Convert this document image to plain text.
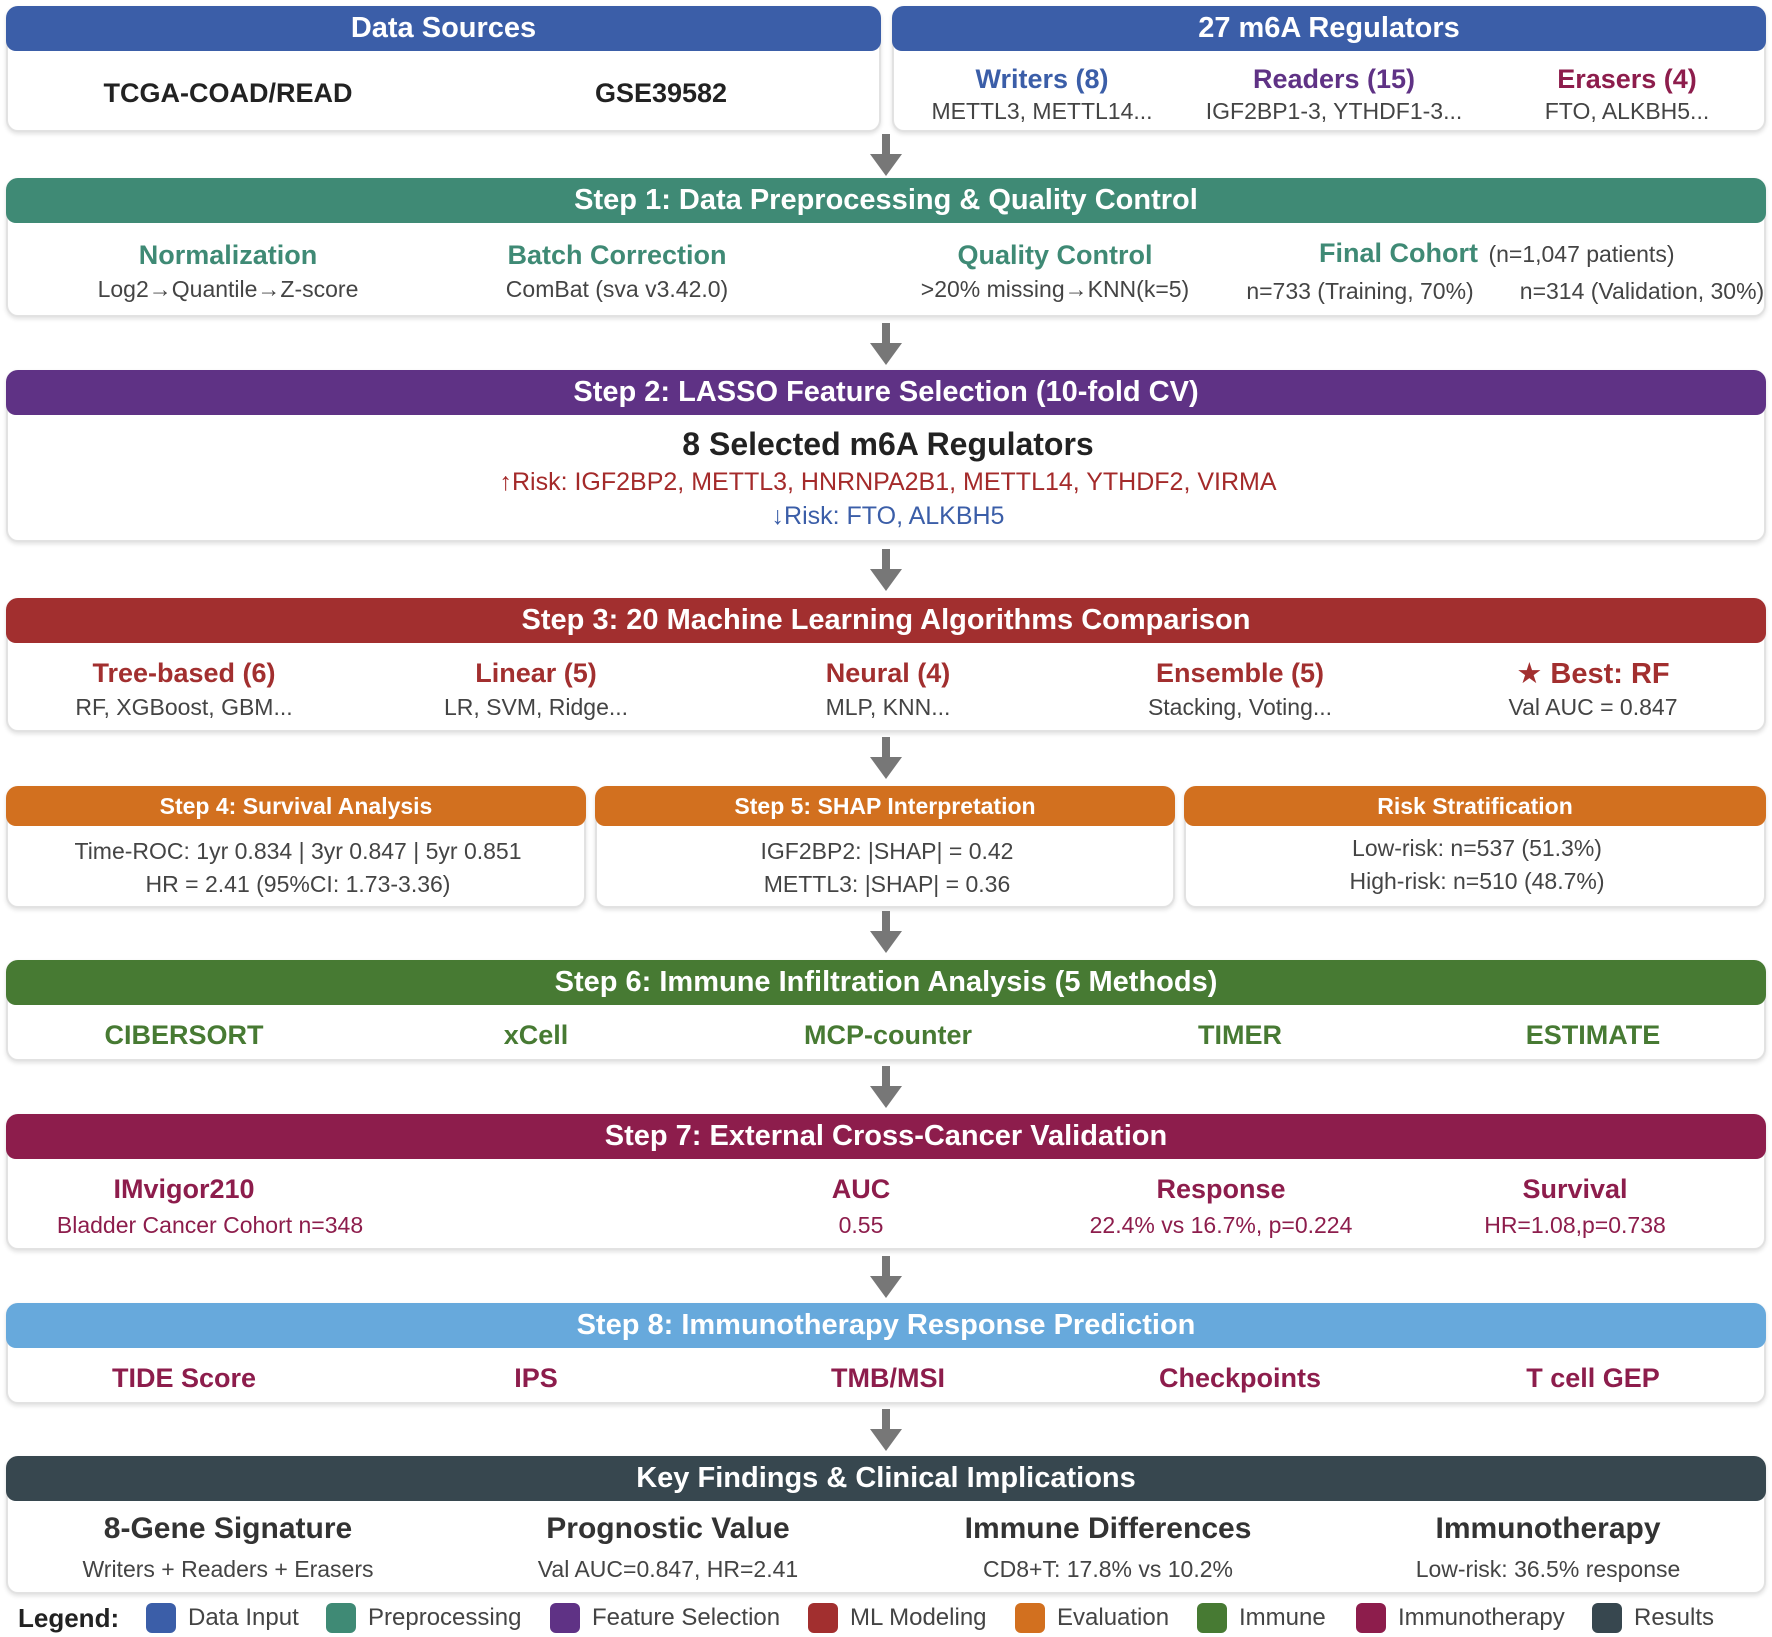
Data Sources
TCGA-COAD/READ	GSE39582
27 m6A Regulators
Writers (8)
METTL3, METTL14...
Readers (15)
IGF2BP1-3, YTHDF1-3...
Erasers (4)
FTO, ALKBH5...
Step 1: Data Preprocessing & Quality Control
Normalization
Log2→Quantile→Z-score
Batch Correction
ComBat (sva v3.42.0)
Quality Control
>20% missing→KNN(k=5)
Final Cohort (n=1,047 patients)
n=733 (Training, 70%) n=314 (Validation, 30%)
Step 2: LASSO Feature Selection (10-fold CV)
8 Selected m6A Regulators
↑Risk: IGF2BP2, METTL3, HNRNPA2B1, METTL14, YTHDF2, VIRMA
↓Risk: FTO, ALKBH5
Step 3: 20 Machine Learning Algorithms Comparison
Tree-based (6)
RF, XGBoost, GBM...
Linear (5)
LR, SVM, Ridge...
Neural (4)
MLP, KNN...
Ensemble (5)
Stacking, Voting...
★ Best: RF
Val AUC = 0.847
Step 4: Survival Analysis
Time-ROC: 1yr 0.834 | 3yr 0.847 | 5yr 0.851
HR = 2.41 (95%CI: 1.73-3.36)
Step 5: SHAP Interpretation
IGF2BP2: |SHAP| = 0.42
METTL3: |SHAP| = 0.36
Risk Stratification
Low-risk: n=537 (51.3%)
High-risk: n=510 (48.7%)
Step 6: Immune Infiltration Analysis (5 Methods)
CIBERSORT	xCell	MCP-counter	TIMER	ESTIMATE
Step 7: External Cross-Cancer Validation
IMvigor210
Bladder Cancer Cohort n=348
AUC
0.55
Response
22.4% vs 16.7%, p=0.224
Survival
HR=1.08,p=0.738
Step 8: Immunotherapy Response Prediction
TIDE Score	IPS	TMB/MSI	Checkpoints	T cell GEP
Key Findings & Clinical Implications
8-Gene Signature
Writers + Readers + Erasers
Prognostic Value
Val AUC=0.847, HR=2.41
Immune Differences
CD8+T: 17.8% vs 10.2%
Immunotherapy
Low-risk: 36.5% response
Legend:	Data Input	Preprocessing	Feature Selection	ML Modeling	Evaluation	Immune	Immunotherapy	Results
